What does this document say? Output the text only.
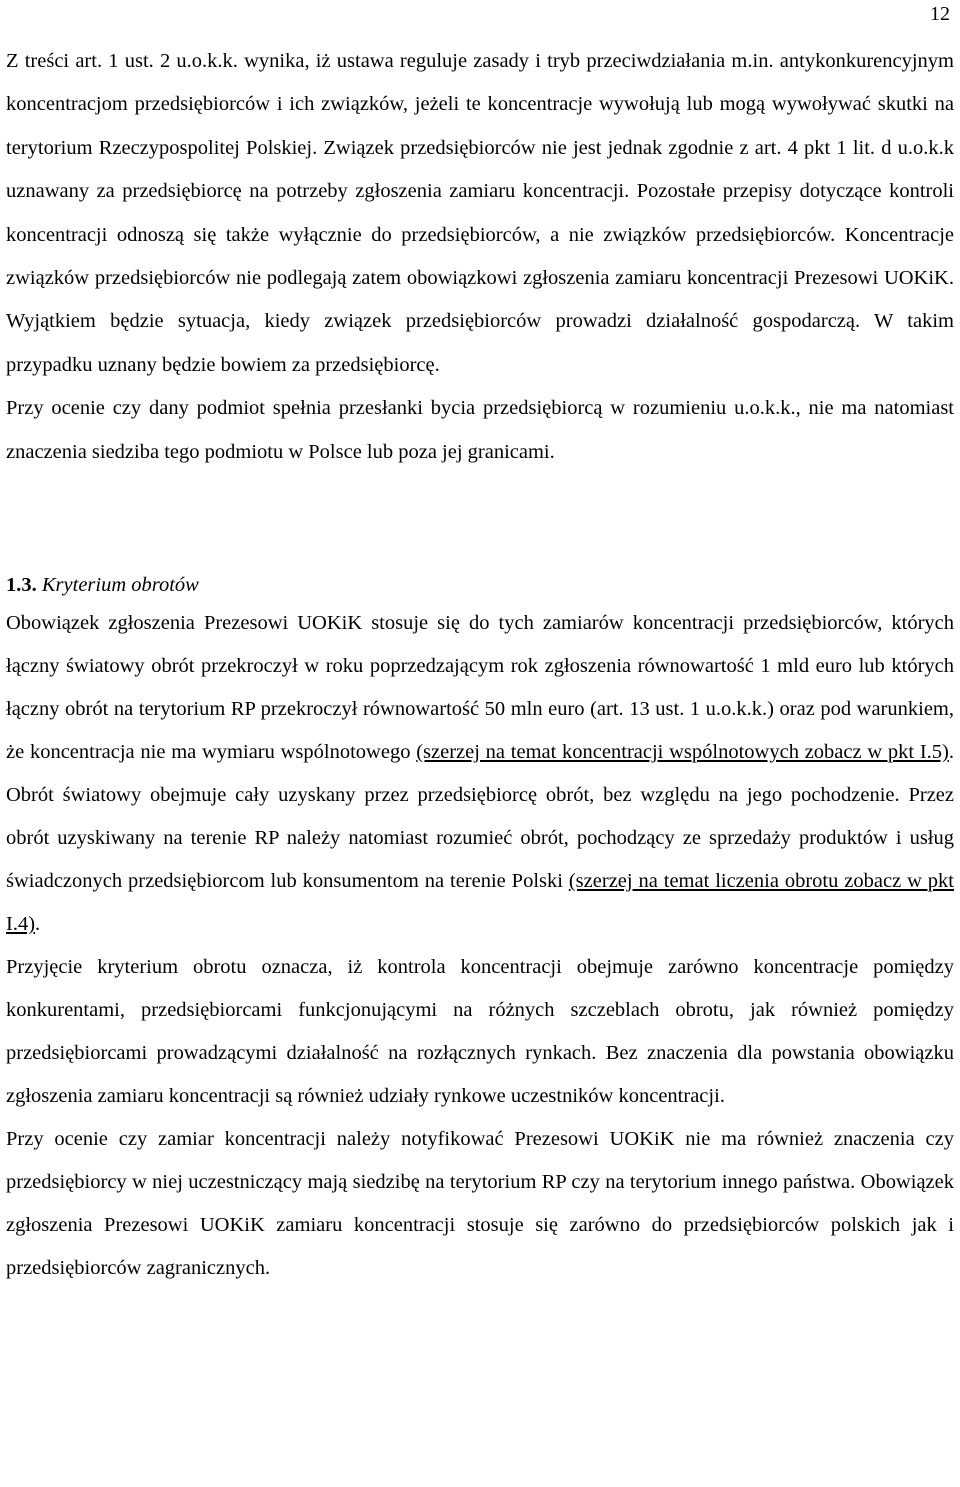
12

Z treści art. 1 ust. 2 u.o.k.k. wynika, iż ustawa reguluje zasady i tryb przeciwdziałania m.in. antykonkurencyjnym koncentracjom przedsiębiorców i ich związków, jeżeli te koncentracje wywołują lub mogą wywoływać skutki na terytorium Rzeczypospolitej Polskiej. Związek przedsiębiorców nie jest jednak zgodnie z art. 4 pkt 1 lit. d u.o.k.k uznawany za przedsiębiorcę na potrzeby zgłoszenia zamiaru koncentracji. Pozostałe przepisy dotyczące kontroli koncentracji odnoszą się także wyłącznie do przedsiębiorców, a nie związków przedsiębiorców. Koncentracje związków przedsiębiorców nie podlegają zatem obowiązkowi zgłoszenia zamiaru koncentracji Prezesowi UOKiK. Wyjątkiem będzie sytuacja, kiedy związek przedsiębiorców prowadzi działalność gospodarczą. W takim przypadku uznany będzie bowiem za przedsiębiorcę.

Przy ocenie czy dany podmiot spełnia przesłanki bycia przedsiębiorcą w rozumieniu u.o.k.k., nie ma natomiast znaczenia siedziba tego podmiotu w Polsce lub poza jej granicami.

1.3. Kryterium obrotów

Obowiązek zgłoszenia Prezesowi UOKiK stosuje się do tych zamiarów koncentracji przedsiębiorców, których łączny światowy obrót przekroczył w roku poprzedzającym rok zgłoszenia równowartość 1 mld euro lub których łączny obrót na terytorium RP przekroczył równowartość 50 mln euro (art. 13 ust. 1 u.o.k.k.) oraz pod warunkiem, że koncentracja nie ma wymiaru wspólnotowego (szerzej na temat koncentracji wspólnotowych zobacz w pkt I.5). Obrót światowy obejmuje cały uzyskany przez przedsiębiorcę obrót, bez względu na jego pochodzenie. Przez obrót uzyskiwany na terenie RP należy natomiast rozumieć obrót, pochodzący ze sprzedaży produktów i usług świadczonych przedsiębiorcom lub konsumentom na terenie Polski (szerzej na temat liczenia obrotu zobacz w pkt I.4).

Przyjęcie kryterium obrotu oznacza, iż kontrola koncentracji obejmuje zarówno koncentracje pomiędzy konkurentami, przedsiębiorcami funkcjonującymi na różnych szczeblach obrotu, jak również pomiędzy przedsiębiorcami prowadzącymi działalność na rozłącznych rynkach. Bez znaczenia dla powstania obowiązku zgłoszenia zamiaru koncentracji są również udziały rynkowe uczestników koncentracji.

Przy ocenie czy zamiar koncentracji należy notyfikować Prezesowi UOKiK nie ma również znaczenia czy przedsiębiorcy w niej uczestniczący mają siedzibę na terytorium RP czy na terytorium innego państwa. Obowiązek zgłoszenia Prezesowi UOKiK zamiaru koncentracji stosuje się zarówno do przedsiębiorców polskich jak i przedsiębiorców zagranicznych.
